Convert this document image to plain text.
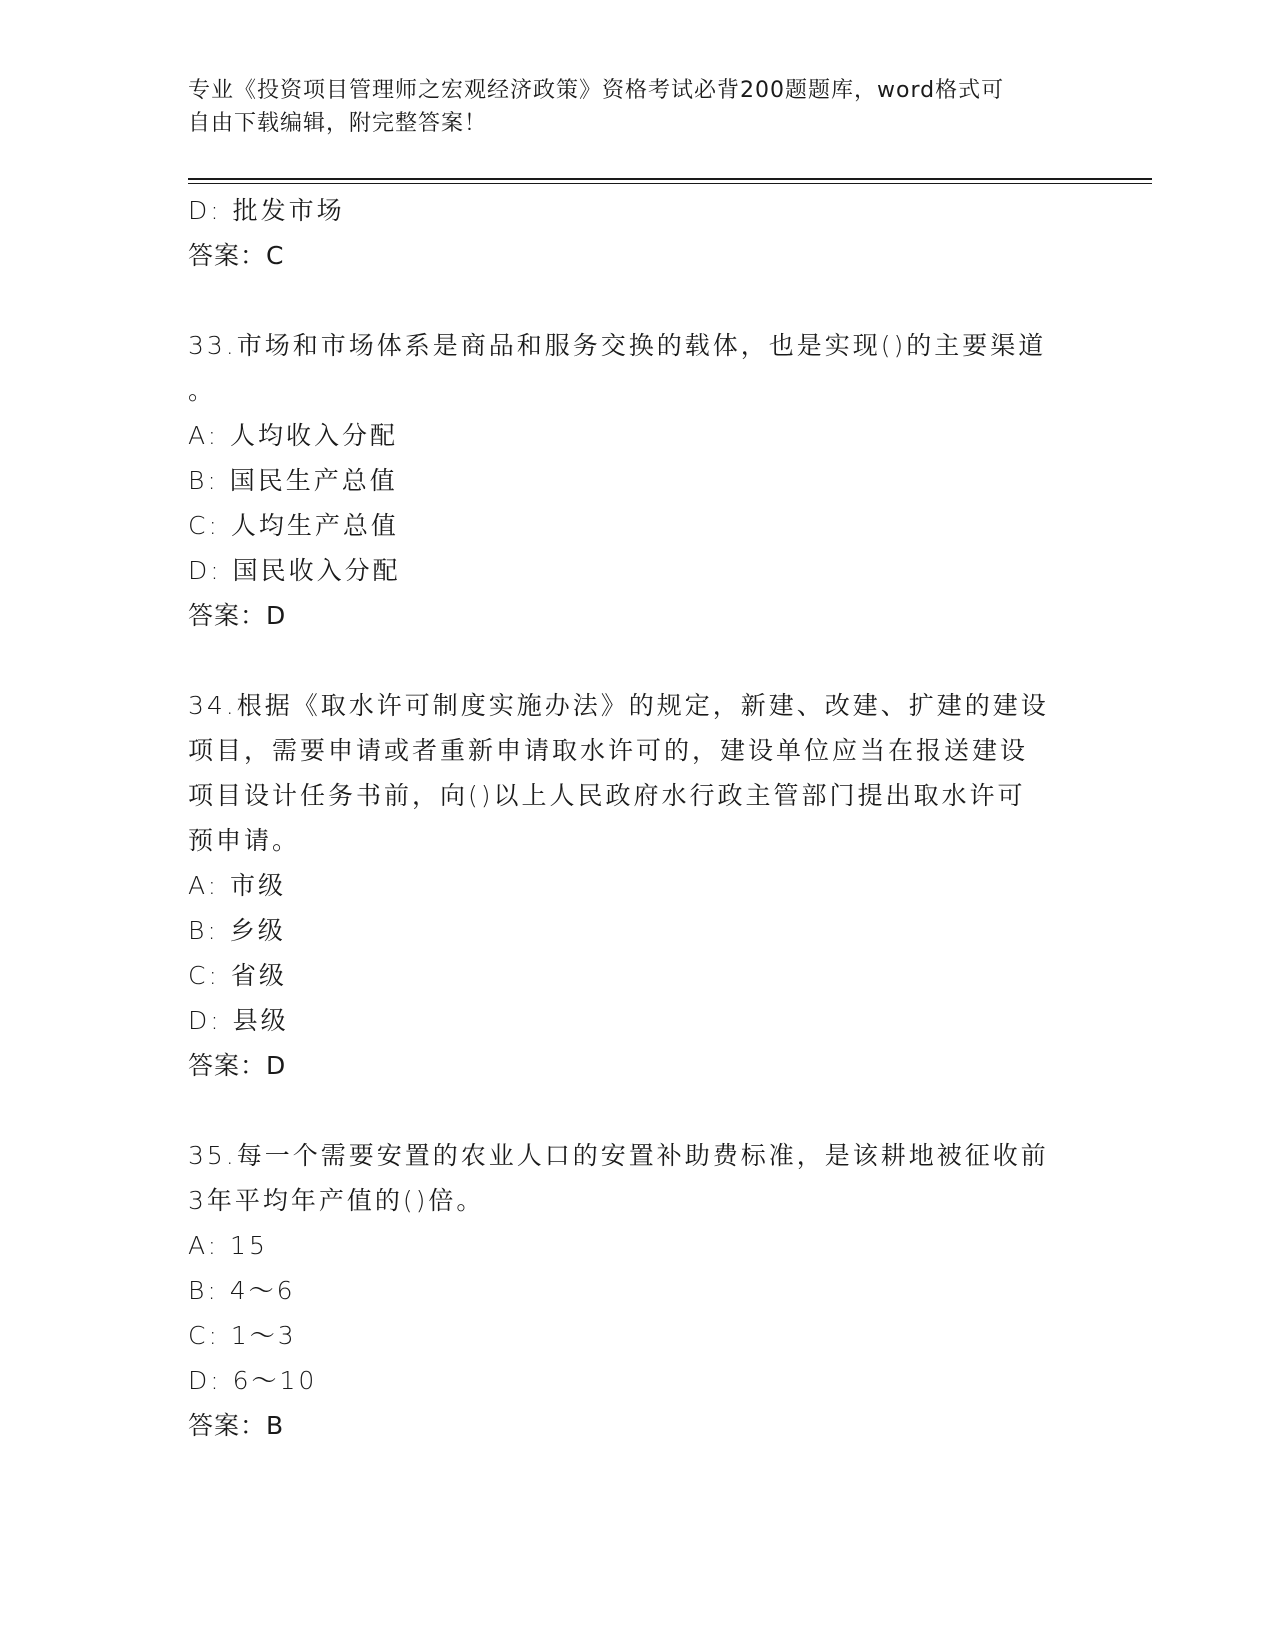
专业《投资项目管理师之宏观经济政策》资格考试必背200题题库，word格式可
自由下载编辑，附完整答案！
D: 批发市场
答案：C
33.市场和市场体系是商品和服务交换的载体，也是实现()的主要渠道
。
A: 人均收入分配
B: 国民生产总值
C: 人均生产总值
D: 国民收入分配
答案：D
34.根据《取水许可制度实施办法》的规定，新建、改建、扩建的建设
项目，需要申请或者重新申请取水许可的，建设单位应当在报送建设
项目设计任务书前，向()以上人民政府水行政主管部门提出取水许可
预申请。
A: 市级
B: 乡级
C: 省级
D: 县级
答案：D
35.每一个需要安置的农业人口的安置补助费标准，是该耕地被征收前
3年平均年产值的()倍。
A: 15
B: 4～6
C: 1～3
D: 6～10
答案：B
